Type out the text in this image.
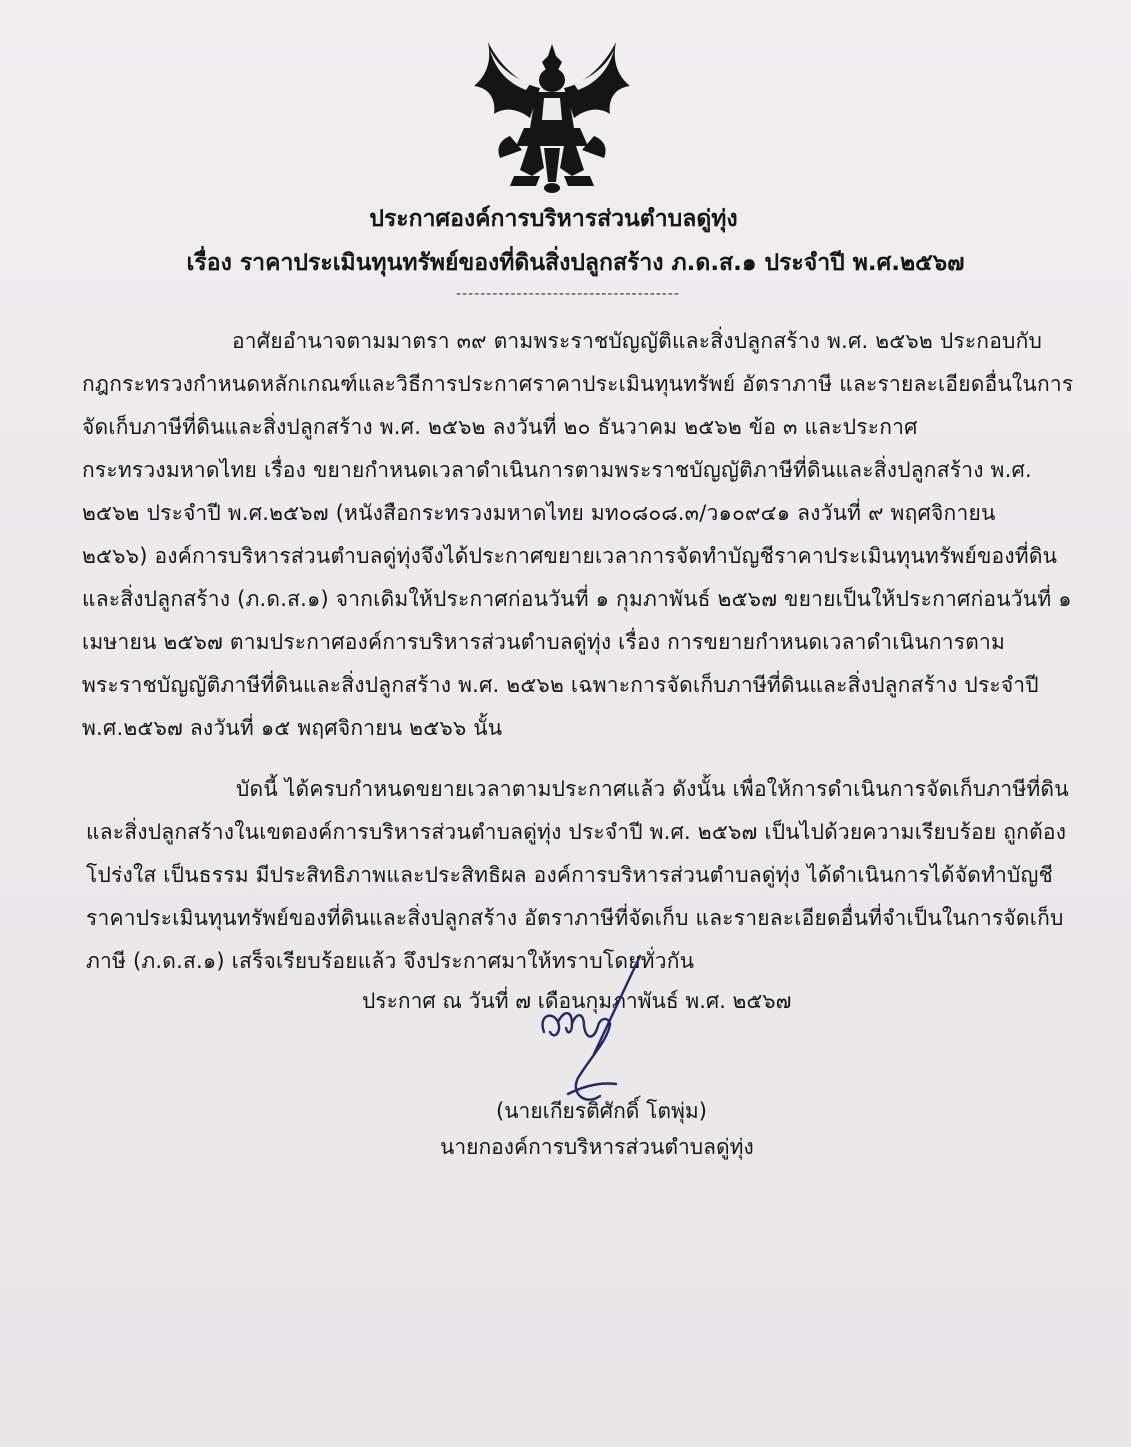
ประกาศองค์การบริหารส่วนตำบลดู่ทุ่ง
เรื่อง ราคาประเมินทุนทรัพย์ของที่ดินสิ่งปลูกสร้าง ภ.ด.ส.๑ ประจำปี พ.ศ.๒๕๖๗
-------------------------------------
อาศัยอำนาจตามมาตรา ๓๙ ตามพระราชบัญญัติและสิ่งปลูกสร้าง พ.ศ. ๒๕๖๒ ประกอบกับ
กฎกระทรวงกำหนดหลักเกณฑ์และวิธีการประกาศราคาประเมินทุนทรัพย์ อัตราภาษี และรายละเอียดอื่นในการ
จัดเก็บภาษีที่ดินและสิ่งปลูกสร้าง พ.ศ. ๒๕๖๒ ลงวันที่ ๒๐ ธันวาคม ๒๕๖๒ ข้อ ๓ และประกาศ
กระทรวงมหาดไทย เรื่อง ขยายกำหนดเวลาดำเนินการตามพระราชบัญญัติภาษีที่ดินและสิ่งปลูกสร้าง พ.ศ.
๒๕๖๒ ประจำปี พ.ศ.๒๕๖๗ (หนังสือกระทรวงมหาดไทย มท๐๘๐๘.๓/ว๑๐๙๔๑ ลงวันที่ ๙ พฤศจิกายน
๒๕๖๖) องค์การบริหารส่วนตำบลดู่ทุ่งจึงได้ประกาศขยายเวลาการจัดทำบัญชีราคาประเมินทุนทรัพย์ของที่ดิน
และสิ่งปลูกสร้าง (ภ.ด.ส.๑) จากเดิมให้ประกาศก่อนวันที่ ๑ กุมภาพันธ์ ๒๕๖๗ ขยายเป็นให้ประกาศก่อนวันที่ ๑
เมษายน ๒๕๖๗ ตามประกาศองค์การบริหารส่วนตำบลดู่ทุ่ง เรื่อง การขยายกำหนดเวลาดำเนินการตาม
พระราชบัญญัติภาษีที่ดินและสิ่งปลูกสร้าง พ.ศ. ๒๕๖๒ เฉพาะการจัดเก็บภาษีที่ดินและสิ่งปลูกสร้าง ประจำปี
พ.ศ.๒๕๖๗ ลงวันที่ ๑๕ พฤศจิกายน ๒๕๖๖ นั้น
บัดนี้ ได้ครบกำหนดขยายเวลาตามประกาศแล้ว ดังนั้น เพื่อให้การดำเนินการจัดเก็บภาษีที่ดิน
และสิ่งปลูกสร้างในเขตองค์การบริหารส่วนตำบลดู่ทุ่ง ประจำปี พ.ศ. ๒๕๖๗ เป็นไปด้วยความเรียบร้อย ถูกต้อง
โปร่งใส เป็นธรรม มีประสิทธิภาพและประสิทธิผล องค์การบริหารส่วนตำบลดู่ทุ่ง ได้ดำเนินการได้จัดทำบัญชี
ราคาประเมินทุนทรัพย์ของที่ดินและสิ่งปลูกสร้าง อัตราภาษีที่จัดเก็บ และรายละเอียดอื่นที่จำเป็นในการจัดเก็บ
ประกาศ ณ วันที่ ๗ เดือนกุมภาพันธ์ พ.ศ. ๒๕๖๗
(นายเกียรติศักดิ์ โตพุ่ม)
นายกองค์การบริหารส่วนตำบลดู่ทุ่ง
ภาษี (ภ.ด.ส.๑) เสร็จเรียบร้อยแล้ว จึงประกาศมาให้ทราบโดยทั่วกัน
